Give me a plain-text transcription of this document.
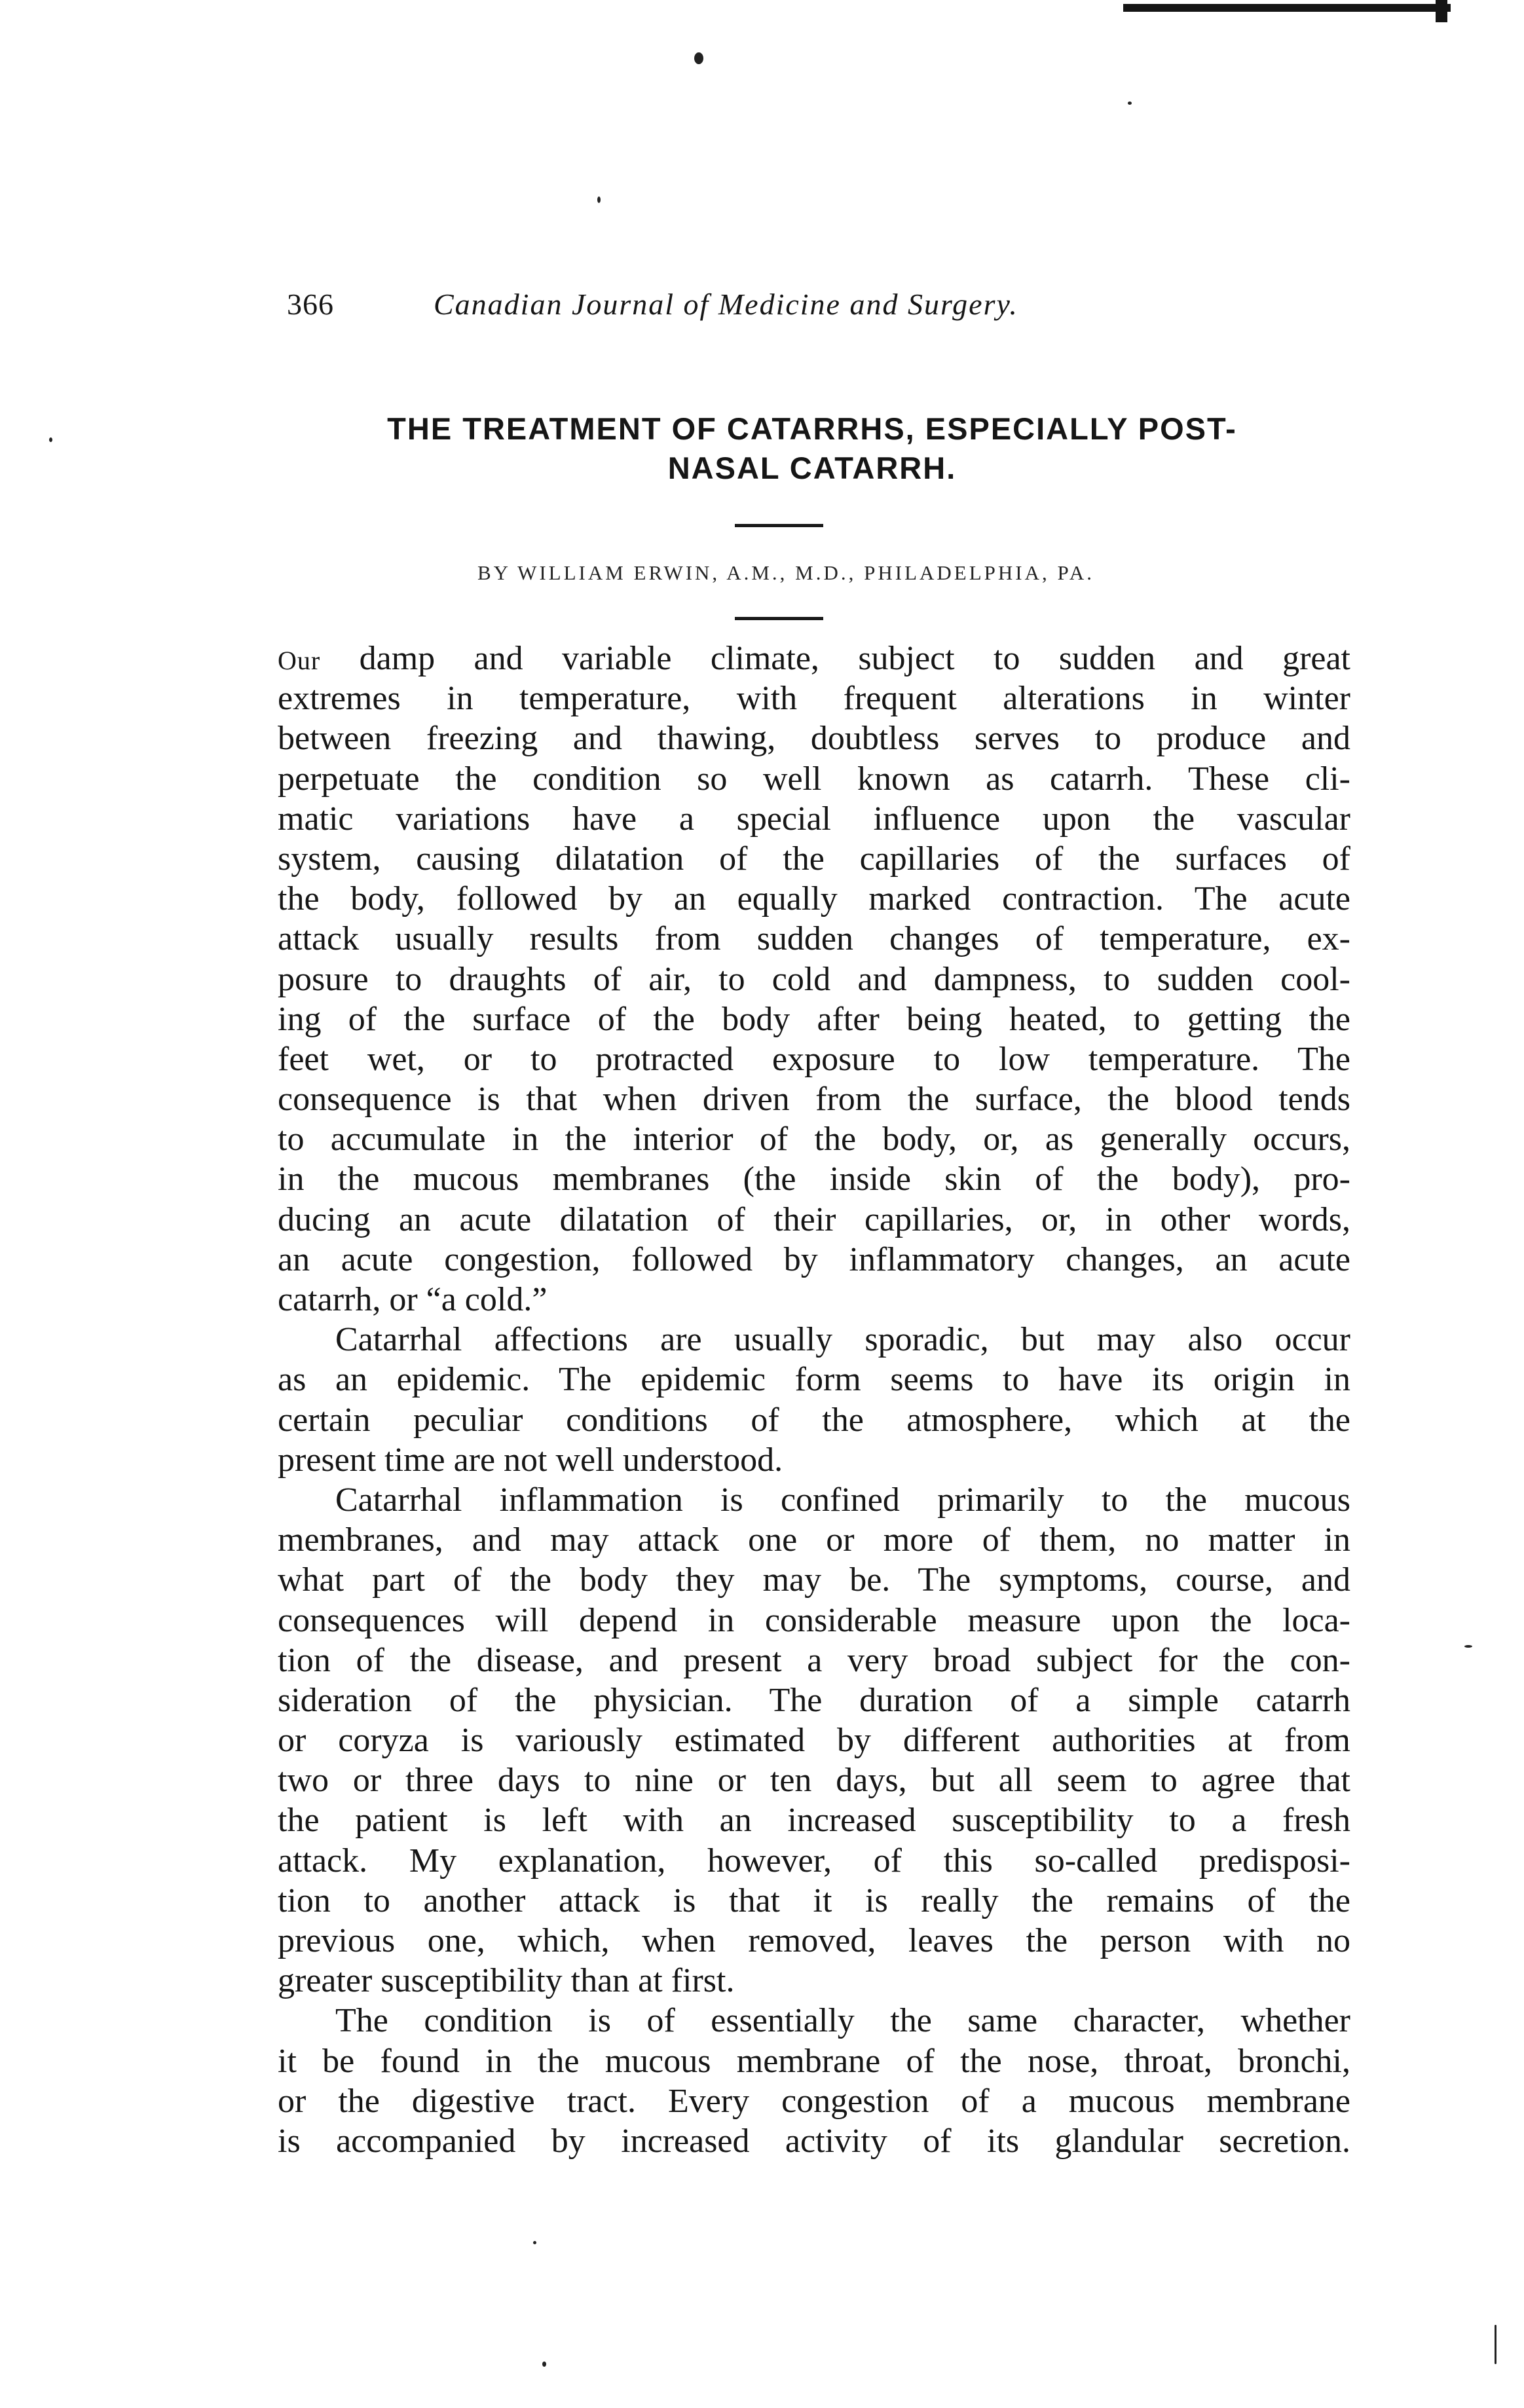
366	Canadian Journal of Medicine and Surgery.
THE TREATMENT OF CATARRHS, ESPECIALLY POST-
NASAL CATARRH.
BY WILLIAM ERWIN, A.M., M.D., PHILADELPHIA, PA.
Our damp and variable climate, subject to sudden and great
extremes in temperature, with frequent alterations in winter
between freezing and thawing, doubtless serves to produce and
perpetuate the condition so well known as catarrh. These cli-
matic variations have a special influence upon the vascular
system, causing dilatation of the capillaries of the surfaces of
the body, followed by an equally marked contraction. The acute
attack usually results from sudden changes of temperature, ex-
posure to draughts of air, to cold and dampness, to sudden cool-
ing of the surface of the body after being heated, to getting the
feet wet, or to protracted exposure to low temperature. The
consequence is that when driven from the surface, the blood tends
to accumulate in the interior of the body, or, as generally occurs,
in the mucous membranes (the inside skin of the body), pro-
ducing an acute dilatation of their capillaries, or, in other words,
an acute congestion, followed by inflammatory changes, an acute
catarrh, or “a cold.”
Catarrhal affections are usually sporadic, but may also occur
as an epidemic. The epidemic form seems to have its origin in
certain peculiar conditions of the atmosphere, which at the
present time are not well understood.
Catarrhal inflammation is confined primarily to the mucous
membranes, and may attack one or more of them, no matter in
what part of the body they may be. The symptoms, course, and
consequences will depend in considerable measure upon the loca-
tion of the disease, and present a very broad subject for the con-
sideration of the physician. The duration of a simple catarrh
or coryza is variously estimated by different authorities at from
two or three days to nine or ten days, but all seem to agree that
the patient is left with an increased susceptibility to a fresh
attack. My explanation, however, of this so-called predisposi-
tion to another attack is that it is really the remains of the
previous one, which, when removed, leaves the person with no
greater susceptibility than at first.
The condition is of essentially the same character, whether
it be found in the mucous membrane of the nose, throat, bronchi,
or the digestive tract. Every congestion of a mucous membrane
is accompanied by increased activity of its glandular secretion.
